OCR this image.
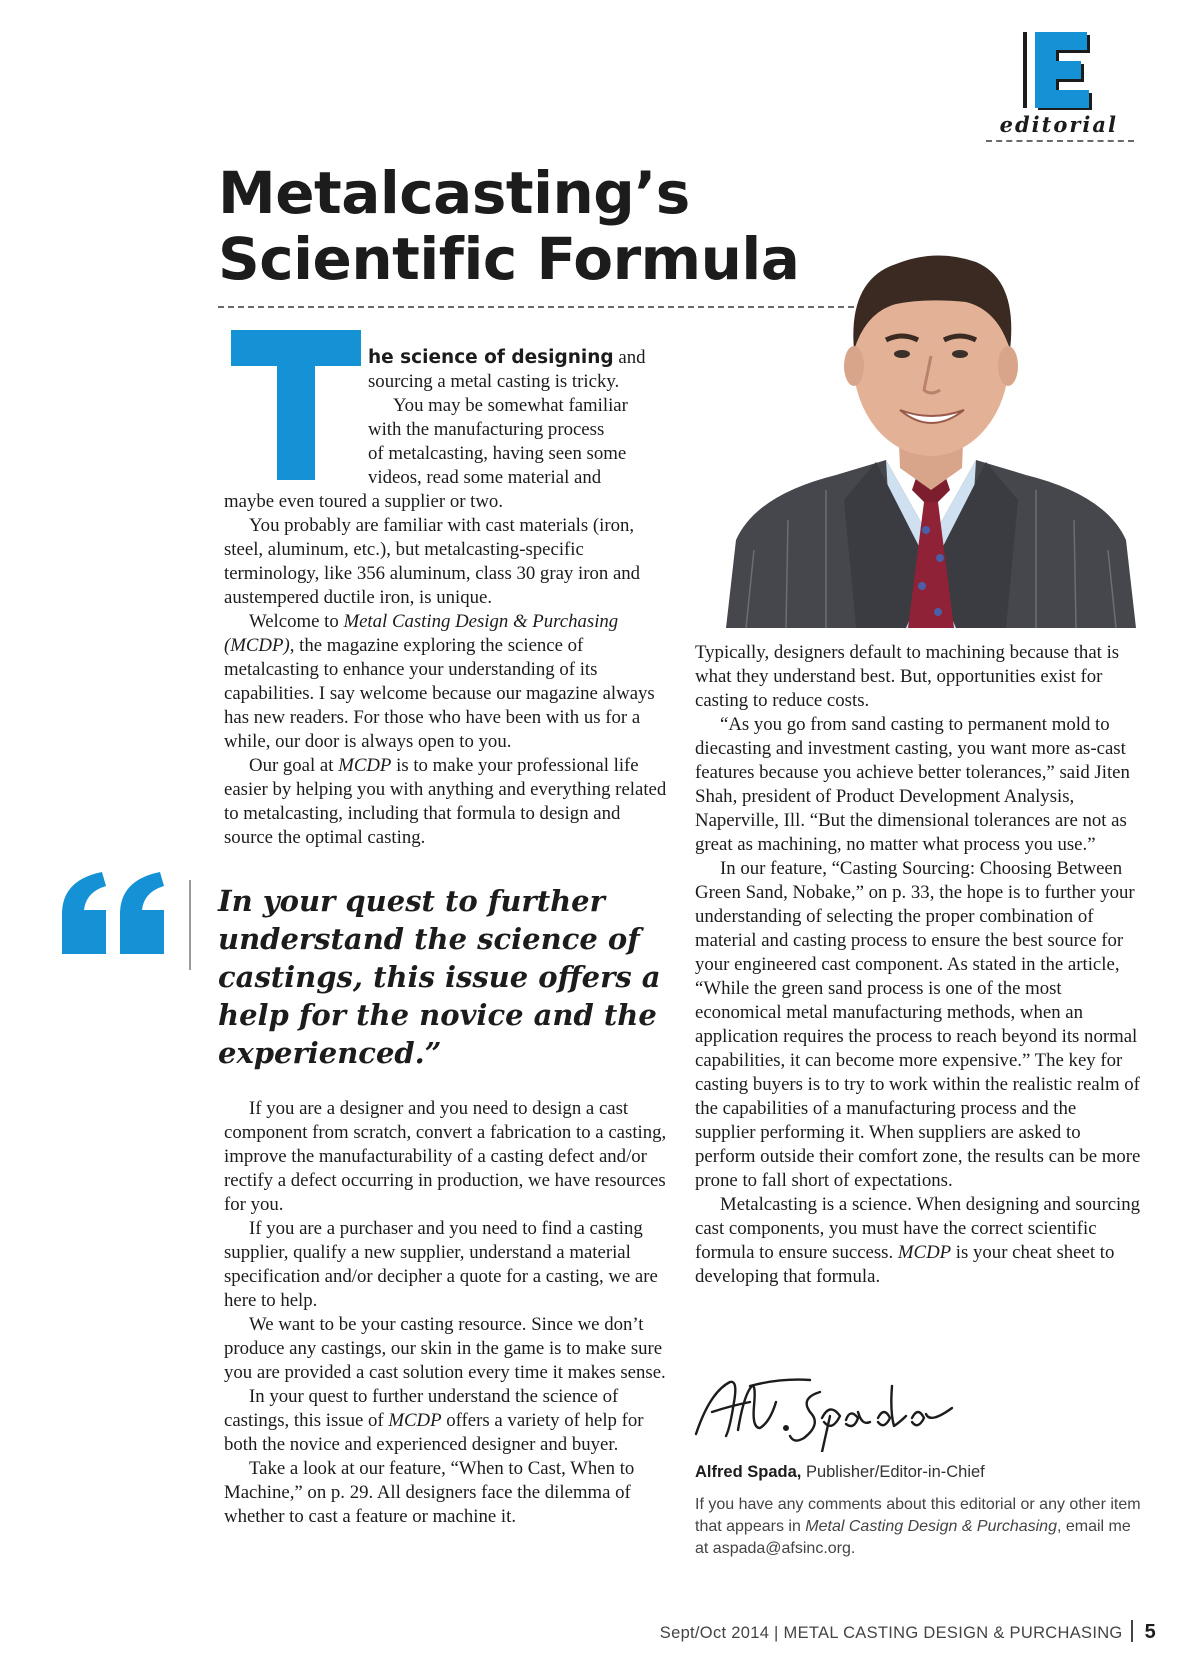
editorial
Metalcasting’s
Scientific Formula
he science of designing and
sourcing a metal casting is tricky.
You may be somewhat familiar
with the manufacturing process
of metalcasting, having seen some
videos, read some material and
maybe even toured a supplier or two.

You probably are familiar with cast materials (iron, steel, aluminum, etc.), but metalcasting-specific terminology, like 356 aluminum, class 30 gray iron and austempered ductile iron, is unique.

Welcome to Metal Casting Design & Purchasing (MCDP), the magazine exploring the science of metalcasting to enhance your understanding of its capabilities. I say welcome because our magazine always has new readers. For those who have been with us for a while, our door is always open to you.

Our goal at MCDP is to make your professional life easier by helping you with anything and everything related to metalcasting, including that formula to design and source the optimal casting.

In your quest to further understand the science of castings, this issue offers a help for the novice and the experienced.”

If you are a designer and you need to design a cast component from scratch, convert a fabrication to a casting, improve the manufacturability of a casting defect and/or rectify a defect occurring in production, we have resources for you.

If you are a purchaser and you need to find a casting supplier, qualify a new supplier, understand a material specification and/or decipher a quote for a casting, we are here to help.

We want to be your casting resource. Since we don’t produce any castings, our skin in the game is to make sure you are provided a cast solution every time it makes sense.

In your quest to further understand the science of castings, this issue of MCDP offers a variety of help for both the novice and experienced designer and buyer.

Take a look at our feature, “When to Cast, When to Machine,” on p. 29. All designers face the dilemma of whether to cast a feature or machine it.

Typically, designers default to machining because that is what they understand best. But, opportunities exist for casting to reduce costs.

“As you go from sand casting to permanent mold to diecasting and investment casting, you want more as-cast features because you achieve better tolerances,” said Jiten Shah, president of Product Development Analysis, Naperville, Ill. “But the dimensional tolerances are not as great as machining, no matter what process you use.”

In our feature, “Casting Sourcing: Choosing Between Green Sand, Nobake,” on p. 33, the hope is to further your understanding of selecting the proper combination of material and casting process to ensure the best source for your engineered cast component. As stated in the article, “While the green sand process is one of the most economical metal manufacturing methods, when an application requires the process to reach beyond its normal capabilities, it can become more expensive.” The key for casting buyers is to try to work within the realistic realm of the capabilities of a manufacturing process and the supplier performing it. When suppliers are asked to perform outside their comfort zone, the results can be more prone to fall short of expectations.

Metalcasting is a science. When designing and sourcing cast components, you must have the correct scientific formula to ensure success. MCDP is your cheat sheet to developing that formula.

Alfred Spada, Publisher/Editor-in-Chief
If you have any comments about this editorial or any other item that appears in Metal Casting Design & Purchasing, email me at aspada@afsinc.org.
Sept/Oct 2014 | METAL CASTING DESIGN & PURCHASING 5
